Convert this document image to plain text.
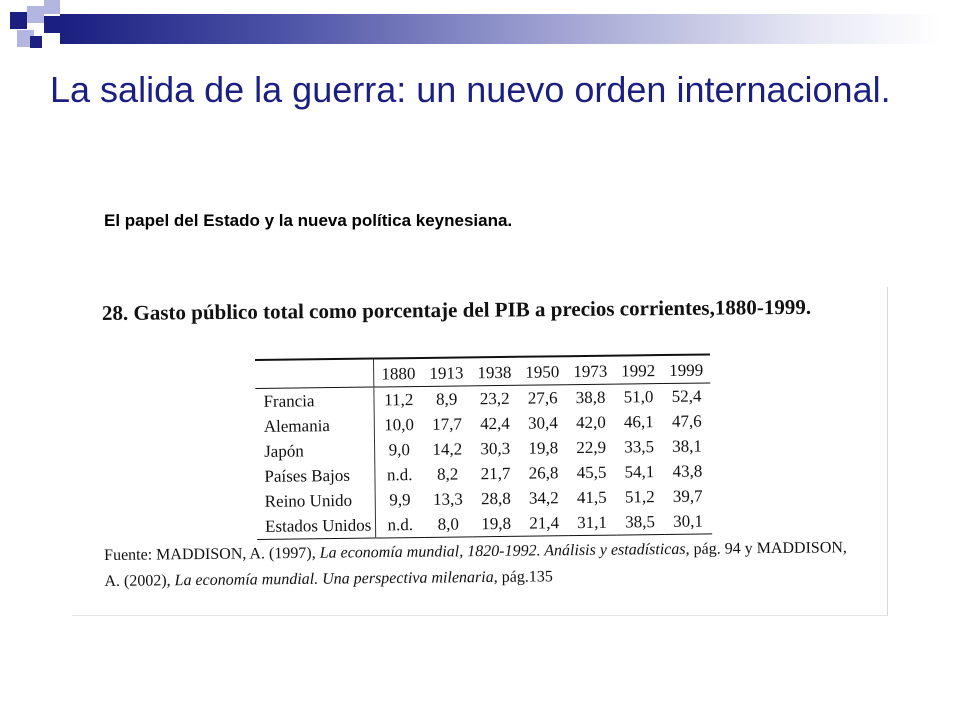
La salida de la guerra: un nuevo orden internacional.

El papel del Estado y la nueva política keynesiana.

28. Gasto público total como porcentaje del PIB a precios corrientes,1880-1999.

	1880	1913	1938	1950	1973	1992	1999
Francia	11,2	8,9	23,2	27,6	38,8	51,0	52,4
Alemania	10,0	17,7	42,4	30,4	42,0	46,1	47,6
Japón	9,0	14,2	30,3	19,8	22,9	33,5	38,1
Países Bajos	n.d.	8,2	21,7	26,8	45,5	54,1	43,8
Reino Unido	9,9	13,3	28,8	34,2	41,5	51,2	39,7
Estados Unidos	n.d.	8,0	19,8	21,4	31,1	38,5	30,1

Fuente: MADDISON, A. (1997), La economía mundial, 1820-1992. Análisis y estadísticas, pág. 94 y MADDISON, A. (2002), La economía mundial. Una perspectiva milenaria, pág.135
